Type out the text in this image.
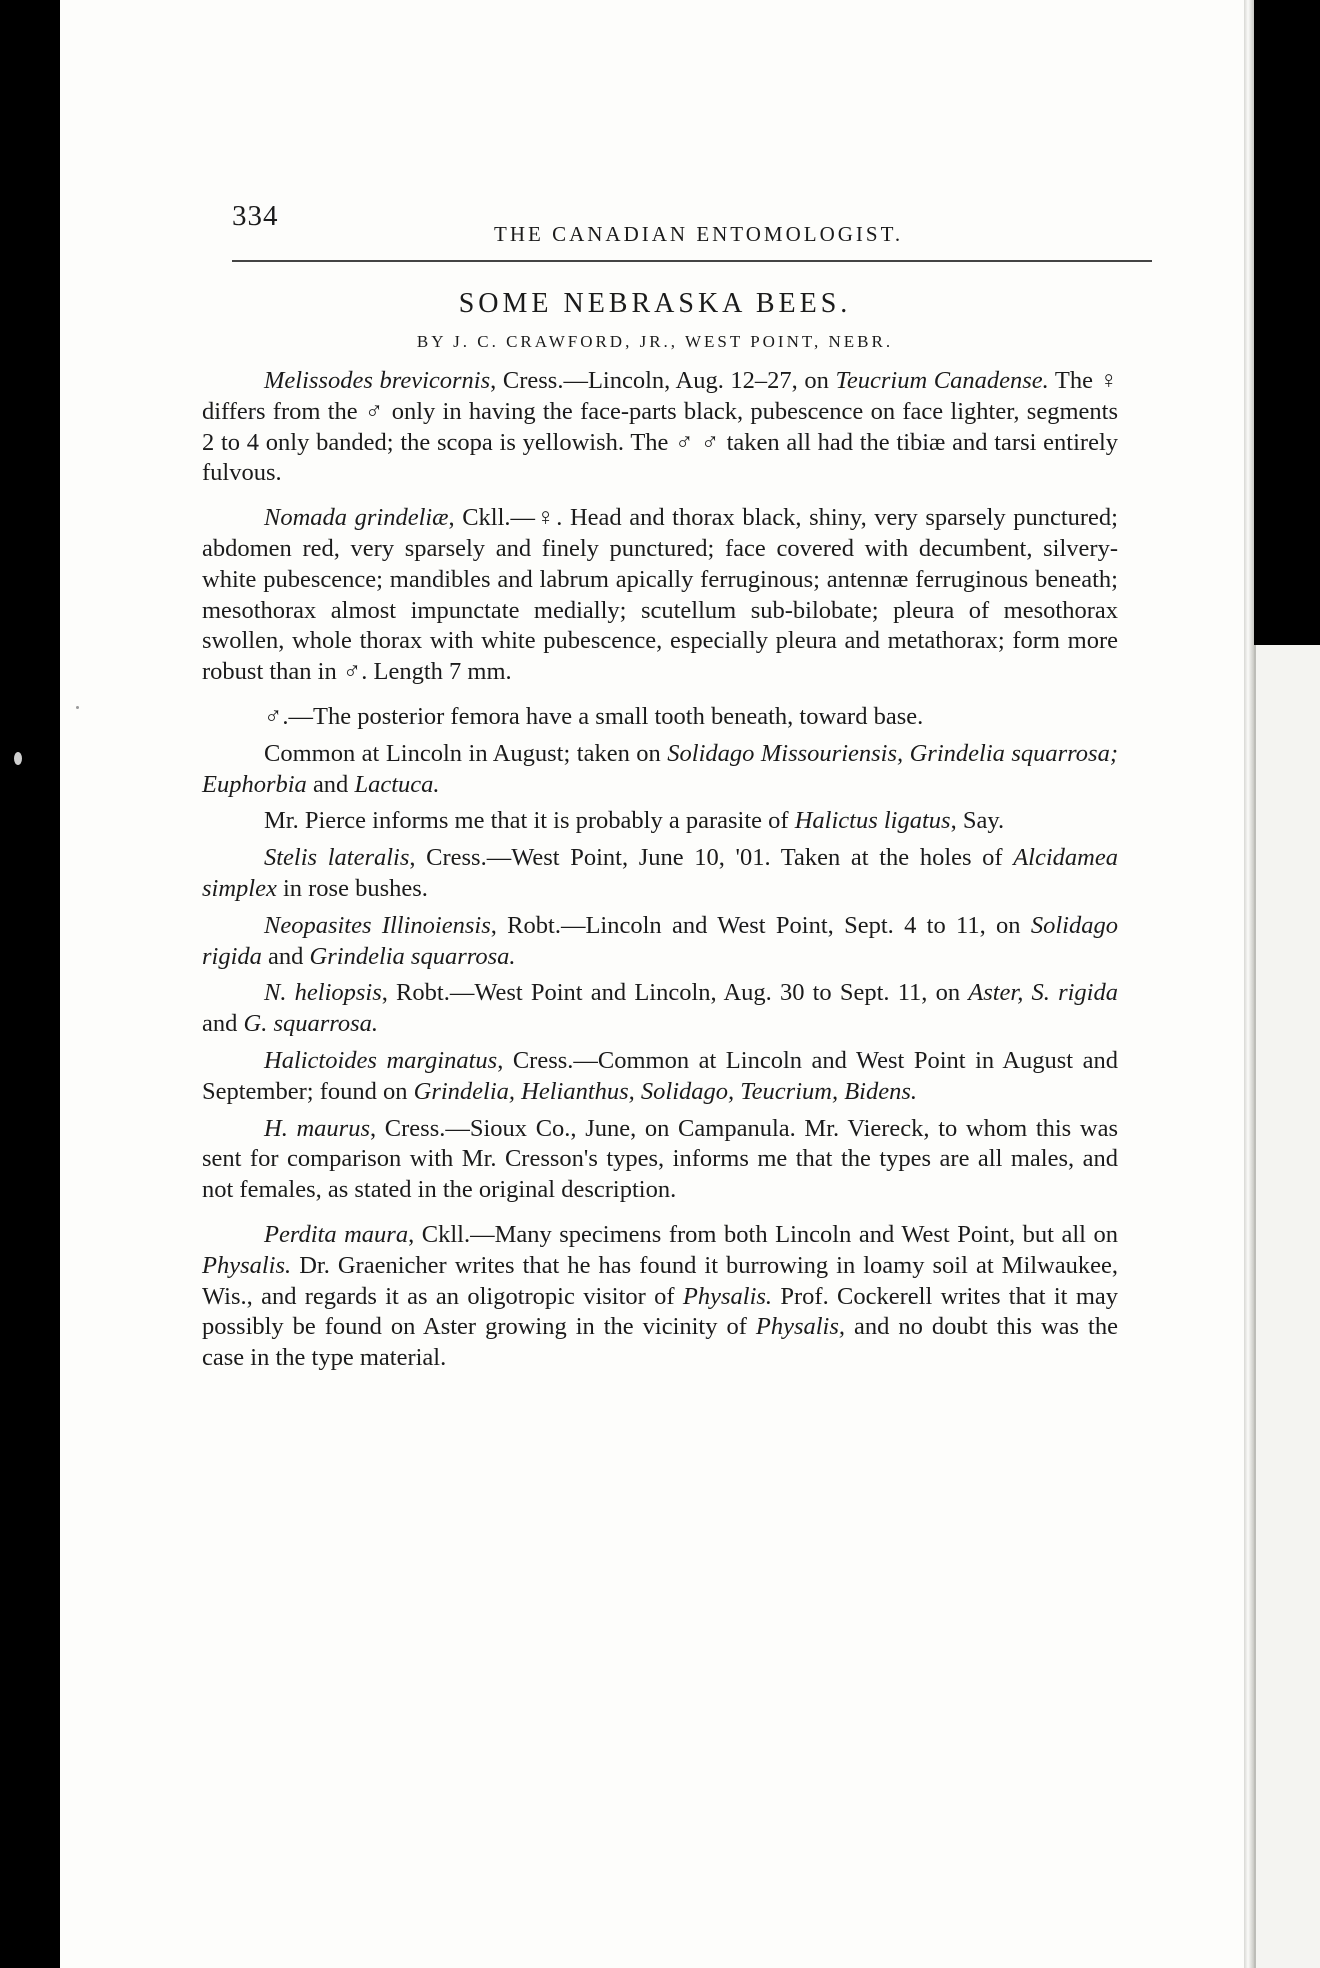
334
THE CANADIAN ENTOMOLOGIST.
SOME NEBRASKA BEES.
BY J. C. CRAWFORD, JR., WEST POINT, NEBR.

Melissodes brevicornis, Cress.—Lincoln, Aug. 12–27, on Teucrium Canadense. The ♀ differs from the ♂ only in having the face-parts black, pubescence on face lighter, segments 2 to 4 only banded; the scopa is yellowish. The ♂ ♂ taken all had the tibiæ and tarsi entirely fulvous.

Nomada grindeliæ, Ckll.—♀. Head and thorax black, shiny, very sparsely punctured; abdomen red, very sparsely and finely punctured; face covered with decumbent, silvery-white pubescence; mandibles and labrum apically ferruginous; antennæ ferruginous beneath; mesothorax almost impunctate medially; scutellum sub-bilobate; pleura of mesothorax swollen, whole thorax with white pubescence, especially pleura and metathorax; form more robust than in ♂. Length 7 mm.

♂.—The posterior femora have a small tooth beneath, toward base.

Common at Lincoln in August; taken on Solidago Missouriensis, Grindelia squarrosa; Euphorbia and Lactuca.

Mr. Pierce informs me that it is probably a parasite of Halictus ligatus, Say.

Stelis lateralis, Cress.—West Point, June 10, '01. Taken at the holes of Alcidamea simplex in rose bushes.

Neopasites Illinoiensis, Robt.—Lincoln and West Point, Sept. 4 to 11, on Solidago rigida and Grindelia squarrosa.

N. heliopsis, Robt.—West Point and Lincoln, Aug. 30 to Sept. 11, on Aster, S. rigida and G. squarrosa.

Halictoides marginatus, Cress.—Common at Lincoln and West Point in August and September; found on Grindelia, Helianthus, Solidago, Teucrium, Bidens.

H. maurus, Cress.—Sioux Co., June, on Campanula. Mr. Viereck, to whom this was sent for comparison with Mr. Cresson's types, informs me that the types are all males, and not females, as stated in the original description.

Perdita maura, Ckll.—Many specimens from both Lincoln and West Point, but all on Physalis. Dr. Graenicher writes that he has found it burrowing in loamy soil at Milwaukee, Wis., and regards it as an oligotropic visitor of Physalis. Prof. Cockerell writes that it may possibly be found on Aster growing in the vicinity of Physalis, and no doubt this was the case in the type material.
